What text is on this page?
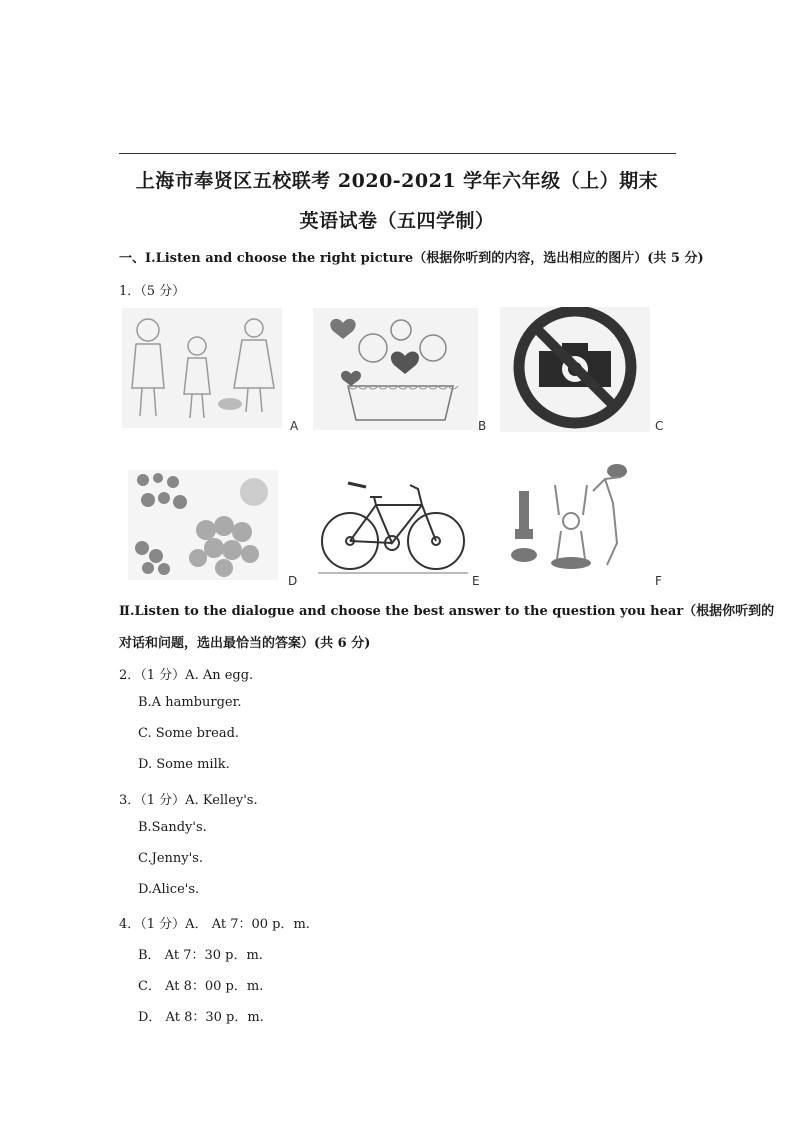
上海市奉贤区五校联考 2020-2021 学年六年级（上）期末
英语试卷（五四学制）
一、I.Listen and choose the right picture（根据你听到的内容，选出相应的图片）(共 5 分)
1．（5 分）
A	B	C
D	E	F
Ⅱ.Listen to the dialogue and choose the best answer to the question you hear（根据你听到的
对话和问题，选出最恰当的答案）(共 6 分)
2．（1 分）A. An egg.
B.A hamburger.
C. Some bread.
D. Some milk.
3．（1 分）A. Kelley's.
B.Sandy's.
C.Jenny's.
D.Alice's.
4．（1 分）A． At 7：00 p．m.
B． At 7：30 p．m.
C． At 8：00 p．m.
D． At 8：30 p．m.
